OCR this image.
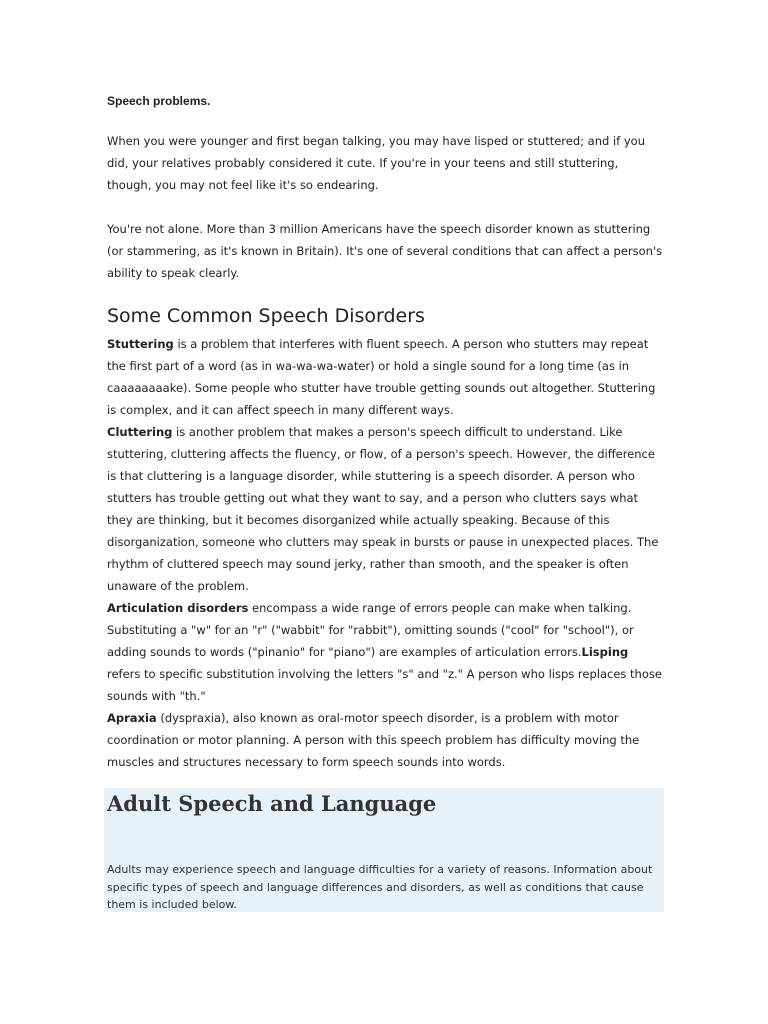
Speech problems.

When you were younger and first began talking, you may have lisped or stuttered; and if you did, your relatives probably considered it cute. If you're in your teens and still stuttering, though, you may not feel like it's so endearing.

You're not alone. More than 3 million Americans have the speech disorder known as stuttering (or stammering, as it's known in Britain). It's one of several conditions that can affect a person's ability to speak clearly.

Some Common Speech Disorders

Stuttering is a problem that interferes with fluent speech. A person who stutters may repeat the first part of a word (as in wa-wa-wa-water) or hold a single sound for a long time (as in caaaaaaaake). Some people who stutter have trouble getting sounds out altogether. Stuttering is complex, and it can affect speech in many different ways.

Cluttering is another problem that makes a person's speech difficult to understand. Like stuttering, cluttering affects the fluency, or flow, of a person's speech. However, the difference is that cluttering is a language disorder, while stuttering is a speech disorder. A person who stutters has trouble getting out what they want to say, and a person who clutters says what they are thinking, but it becomes disorganized while actually speaking. Because of this disorganization, someone who clutters may speak in bursts or pause in unexpected places. The rhythm of cluttered speech may sound jerky, rather than smooth, and the speaker is often unaware of the problem.

Articulation disorders encompass a wide range of errors people can make when talking. Substituting a "w" for an "r" ("wabbit" for "rabbit"), omitting sounds ("cool" for "school"), or adding sounds to words ("pinanio" for "piano") are examples of articulation errors.Lisping refers to specific substitution involving the letters "s" and "z." A person who lisps replaces those sounds with "th."

Apraxia (dyspraxia), also known as oral-motor speech disorder, is a problem with motor coordination or motor planning. A person with this speech problem has difficulty moving the muscles and structures necessary to form speech sounds into words.

Adult Speech and Language

Adults may experience speech and language difficulties for a variety of reasons. Information about specific types of speech and language differences and disorders, as well as conditions that cause them is included below.
